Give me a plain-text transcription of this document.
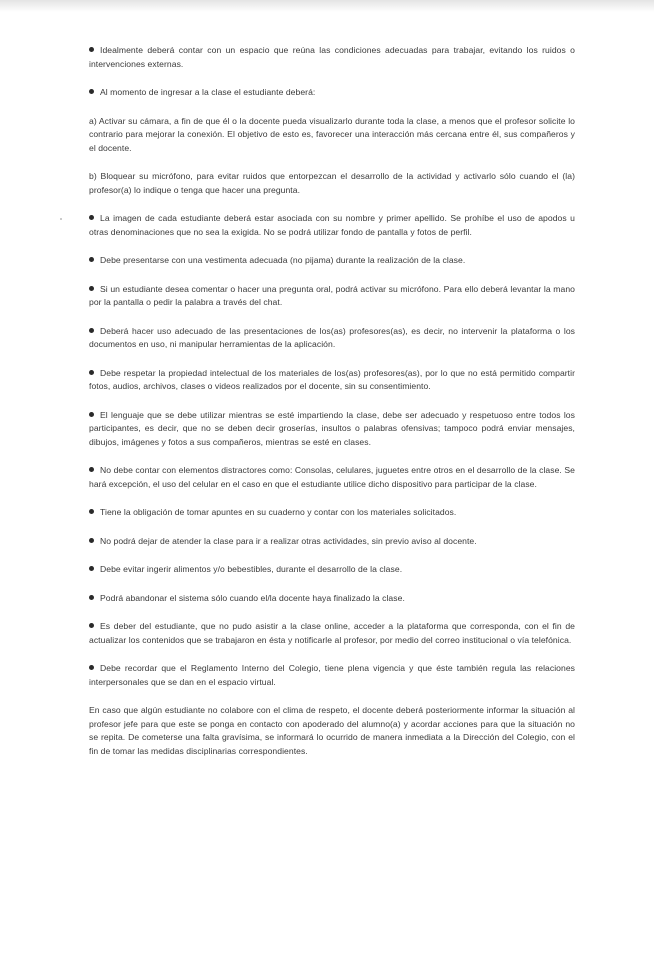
Idealmente deberá contar con un espacio que reúna las condiciones adecuadas para trabajar, evitando los ruidos o intervenciones externas.

Al momento de ingresar a la clase el estudiante deberá:

a) Activar su cámara, a fin de que él o la docente pueda visualizarlo durante toda la clase, a menos que el profesor solicite lo contrario para mejorar la conexión. El objetivo de esto es, favorecer una interacción más cercana entre él, sus compañeros y el docente.

b) Bloquear su micrófono, para evitar ruidos que entorpezcan el desarrollo de la actividad y activarlo sólo cuando el (la) profesor(a) lo indique o tenga que hacer una pregunta.

La imagen de cada estudiante deberá estar asociada con su nombre y primer apellido. Se prohíbe el uso de apodos u otras denominaciones que no sea la exigida. No se podrá utilizar fondo de pantalla y fotos de perfil.

Debe presentarse con una vestimenta adecuada (no pijama) durante la realización de la clase.

Si un estudiante desea comentar o hacer una pregunta oral, podrá activar su micrófono. Para ello deberá levantar la mano por la pantalla o pedir la palabra a través del chat.

Deberá hacer uso adecuado de las presentaciones de los(as) profesores(as), es decir, no intervenir la plataforma o los documentos en uso, ni manipular herramientas de la aplicación.

Debe respetar la propiedad intelectual de los materiales de los(as) profesores(as), por lo que no está permitido compartir fotos, audios, archivos, clases o videos realizados por el docente, sin su consentimiento.

El lenguaje que se debe utilizar mientras se esté impartiendo la clase, debe ser adecuado y respetuoso entre todos los participantes, es decir, que no se deben decir groserías, insultos o palabras ofensivas; tampoco podrá enviar mensajes, dibujos, imágenes y fotos a sus compañeros, mientras se esté en clases.

No debe contar con elementos distractores como: Consolas, celulares, juguetes entre otros en el desarrollo de la clase. Se hará excepción, el uso del celular en el caso en que el estudiante utilice dicho dispositivo para participar de la clase.

Tiene la obligación de tomar apuntes en su cuaderno y contar con los materiales solicitados.

No podrá dejar de atender la clase para ir a realizar otras actividades, sin previo aviso al docente.

Debe evitar ingerir alimentos y/o bebestibles, durante el desarrollo de la clase.

Podrá abandonar el sistema sólo cuando el/la docente haya finalizado la clase.

Es deber del estudiante, que no pudo asistir a la clase online, acceder a la plataforma que corresponda, con el fin de actualizar los contenidos que se trabajaron en ésta y notificarle al profesor, por medio del correo institucional o vía telefónica.

Debe recordar que el Reglamento Interno del Colegio, tiene plena vigencia y que éste también regula las relaciones interpersonales que se dan en el espacio virtual.

En caso que algún estudiante no colabore con el clima de respeto, el docente deberá posteriormente informar la situación al profesor jefe para que este se ponga en contacto con apoderado del alumno(a) y acordar acciones para que la situación no se repita. De cometerse una falta gravísima, se informará lo ocurrido de manera inmediata a la Dirección del Colegio, con el fin de tomar las medidas disciplinarias correspondientes.
